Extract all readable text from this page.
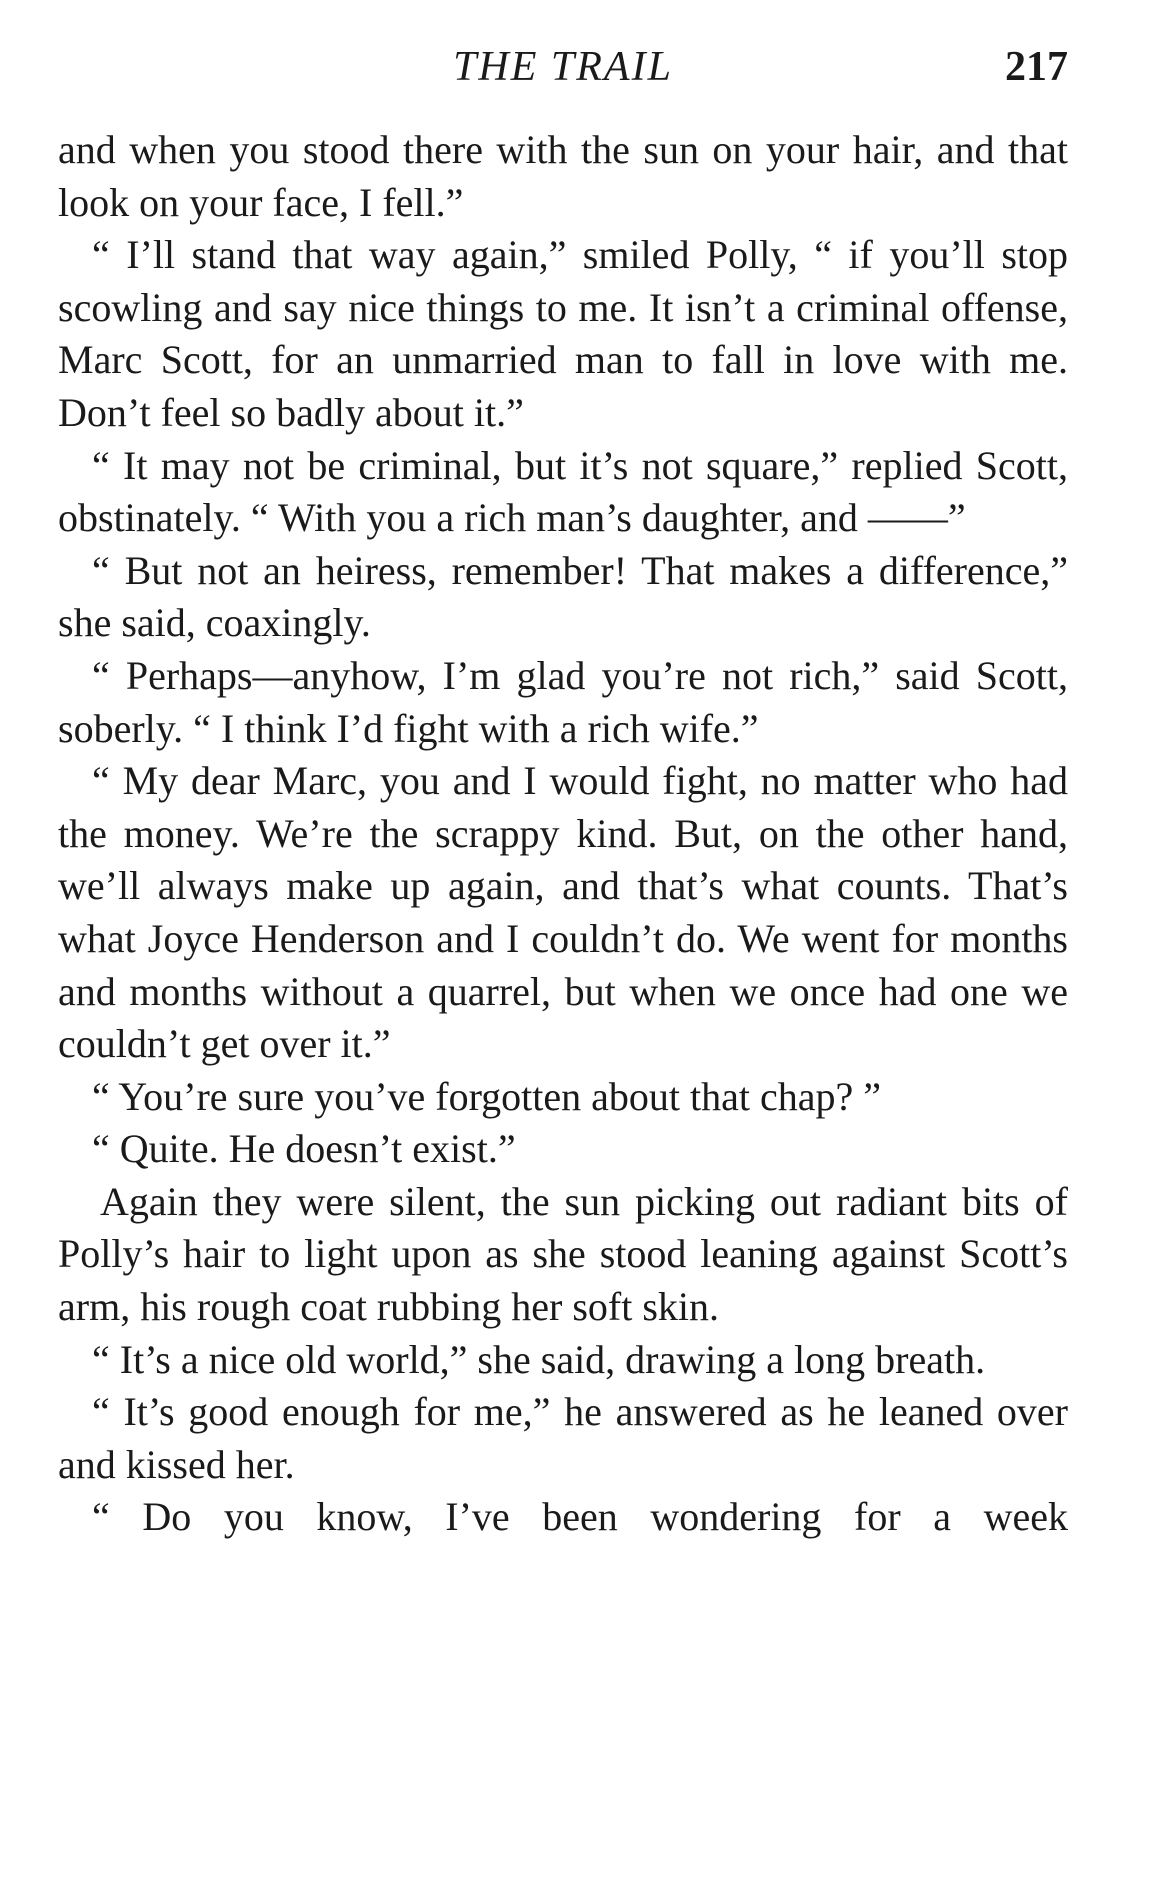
THE TRAIL	217

and when you stood there with the sun on your hair, and that look on your face, I fell.”

“ I’ll stand that way again,” smiled Polly, “ if you’ll stop scowling and say nice things to me. It isn’t a criminal offense, Marc Scott, for an unmarried man to fall in love with me. Don’t feel so badly about it.”

“ It may not be criminal, but it’s not square,” replied Scott, obstinately. “ With you a rich man’s daughter, and ——”

“ But not an heiress, remember! That makes a difference,” she said, coaxingly.

“ Perhaps—anyhow, I’m glad you’re not rich,” said Scott, soberly. “ I think I’d fight with a rich wife.”

“ My dear Marc, you and I would fight, no matter who had the money. We’re the scrappy kind. But, on the other hand, we’ll always make up again, and that’s what counts. That’s what Joyce Henderson and I couldn’t do. We went for months and months without a quarrel, but when we once had one we couldn’t get over it.”

“ You’re sure you’ve forgotten about that chap? ”

“ Quite. He doesn’t exist.”

Again they were silent, the sun picking out radiant bits of Polly’s hair to light upon as she stood leaning against Scott’s arm, his rough coat rubbing her soft skin.

“ It’s a nice old world,” she said, drawing a long breath.

“ It’s good enough for me,” he answered as he leaned over and kissed her.

“ Do you know, I’ve been wondering for a week
